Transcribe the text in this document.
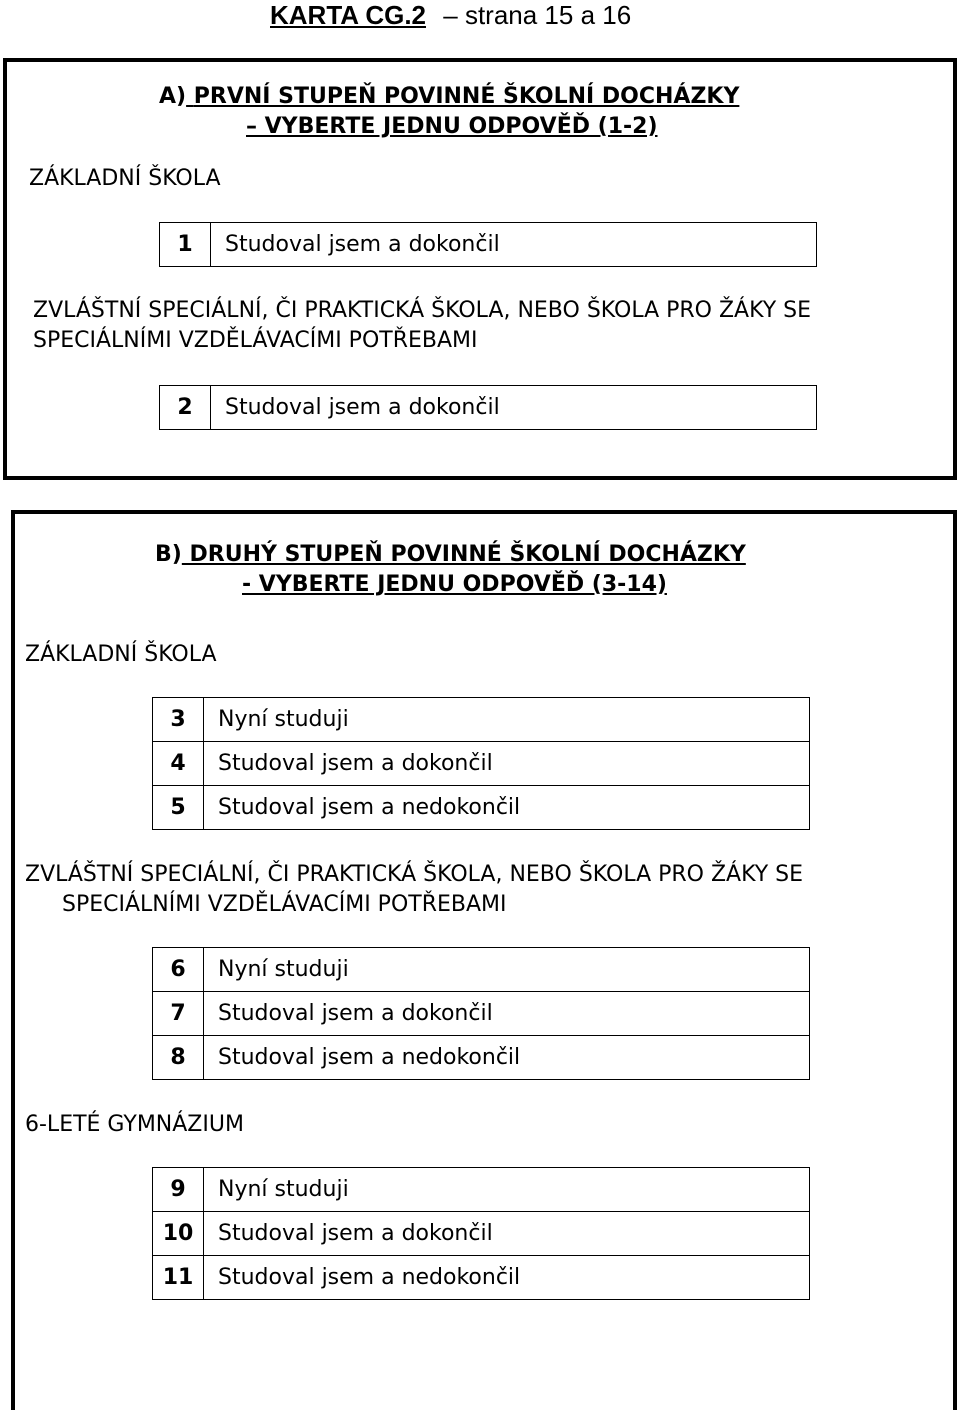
KARTA CG.2 – strana 15 a 16
A) PRVNÍ STUPEŇ POVINNÉ ŠKOLNÍ DOCHÁZKY
– VYBERTE JEDNU ODPOVĚĎ (1-2)
ZÁKLADNÍ ŠKOLA
1	Studoval jsem a dokončil
ZVLÁŠTNÍ SPECIÁLNÍ, ČI PRAKTICKÁ ŠKOLA, NEBO ŠKOLA PRO ŽÁKY SE
SPECIÁLNÍMI VZDĚLÁVACÍMI POTŘEBAMI
2	Studoval jsem a dokončil
B) DRUHÝ STUPEŇ POVINNÉ ŠKOLNÍ DOCHÁZKY
- VYBERTE JEDNU ODPOVĚĎ (3-14)
ZÁKLADNÍ ŠKOLA
3	Nyní studuji
4	Studoval jsem a dokončil
5	Studoval jsem a nedokončil
ZVLÁŠTNÍ SPECIÁLNÍ, ČI PRAKTICKÁ ŠKOLA, NEBO ŠKOLA PRO ŽÁKY SE
SPECIÁLNÍMI VZDĚLÁVACÍMI POTŘEBAMI
6	Nyní studuji
7	Studoval jsem a dokončil
8	Studoval jsem a nedokončil
6-LETÉ GYMNÁZIUM
9	Nyní studuji
10	Studoval jsem a dokončil
11	Studoval jsem a nedokončil
